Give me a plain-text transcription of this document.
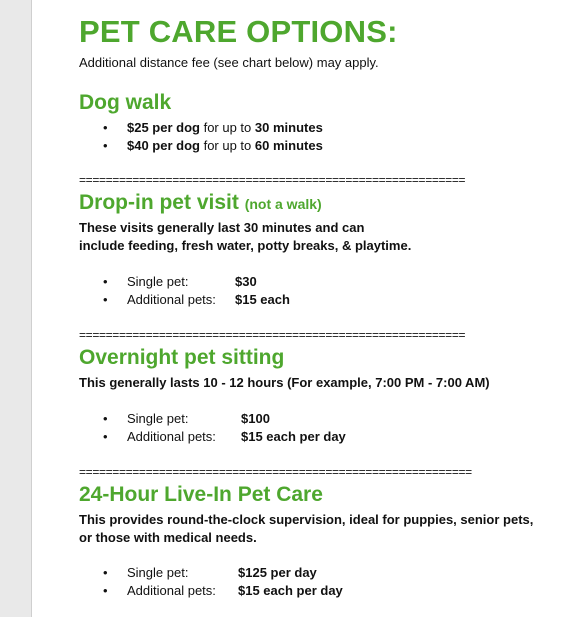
PET CARE OPTIONS:
Additional distance fee (see chart below) may apply.
Dog walk
• $25 per dog for up to 30 minutes
• $40 per dog for up to 60 minutes
==========================================================
Drop-in pet visit (not a walk)
These visits generally last 30 minutes and can
include feeding, fresh water, potty breaks, & playtime.
• Single pet:	$30
• Additional pets: $15 each
==========================================================
Overnight pet sitting
This generally lasts 10 - 12 hours (For example, 7:00 PM - 7:00 AM)
• Single pet:	$100
• Additional pets: $15 each per day
===========================================================
24-Hour Live-In Pet Care
This provides round-the-clock supervision, ideal for puppies, senior pets,
or those with medical needs.
• Single pet:	$125 per day
• Additional pets: $15 each per day
